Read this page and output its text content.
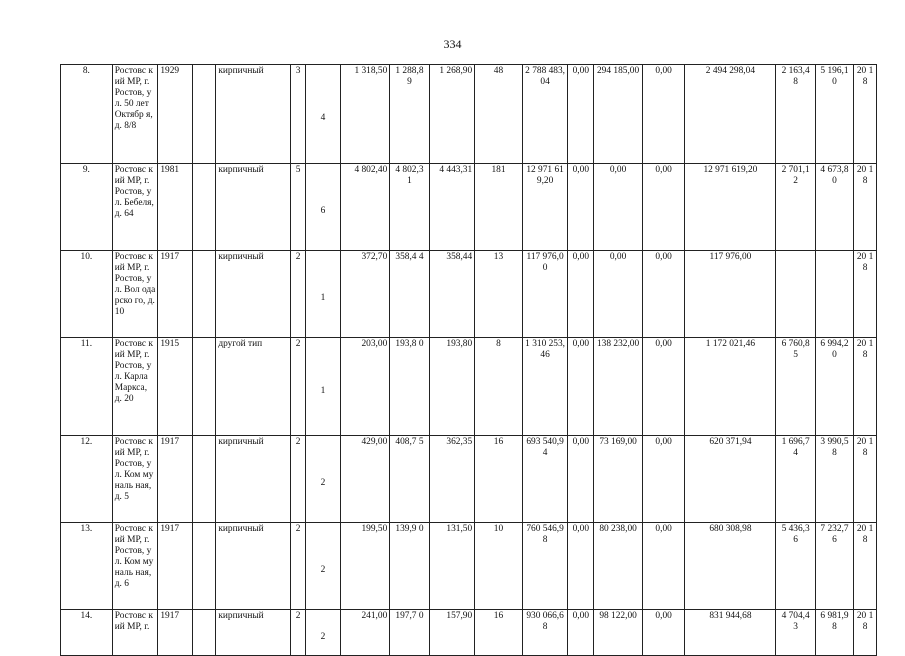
334
8.	Ростовс кий МР, г. Ростов, ул. 50 лет Октябр я, д. 8/8	1929		кирпичный	3	4	1 318,50	1 288,8 9	1 268,90	48	2 788 483,04	0,00	294 185,00	0,00	2 494 298,04	2 163,4 8	5 196,1 0	20 18
9.	Ростовс кий МР, г. Ростов, ул. Бебеля, д. 64	1981		кирпичный	5	6	4 802,40	4 802,3 1	4 443,31	181	12 971 619,20	0,00	0,00	0,00	12 971 619,20	2 701,1 2	4 673,8 0	20 18
10.	Ростовс кий МР, г. Ростов, ул. Вол одарско го, д. 10	1917		кирпичный	2	1	372,70	358,4 4	358,44	13	117 976,00	0,00	0,00	0,00	117 976,00			20 18
11.	Ростовс кий МР, г. Ростов, ул. Карла Маркса, д. 20	1915		другой тип	2	1	203,00	193,8 0	193,80	8	1 310 253,46	0,00	138 232,00	0,00	1 172 021,46	6 760,8 5	6 994,2 0	20 18
12.	Ростовс кий МР, г. Ростов, ул. Ком муналь ная, д. 5	1917		кирпичный	2	2	429,00	408,7 5	362,35	16	693 540,94	0,00	73 169,00	0,00	620 371,94	1 696,7 4	3 990,5 8	20 18
13.	Ростовс кий МР, г. Ростов, ул. Ком муналь ная, д. 6	1917		кирпичный	2	2	199,50	139,9 0	131,50	10	760 546,98	0,00	80 238,00	0,00	680 308,98	5 436,3 6	7 232,7 6	20 18
14.	Ростовс кий МР, г.	1917		кирпичный	2	2	241,00	197,7 0	157,90	16	930 066,68	0,00	98 122,00	0,00	831 944,68	4 704,4 3	6 981,9 8	20 18
